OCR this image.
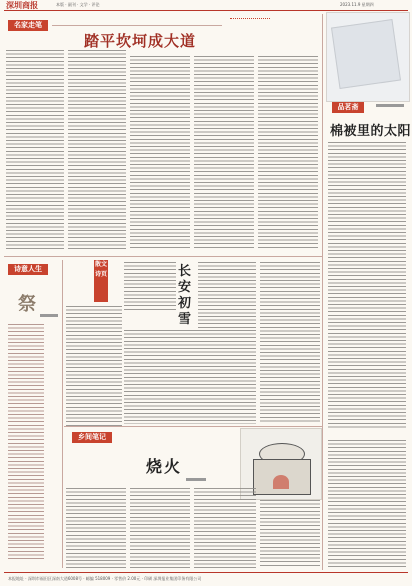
深圳商报	本版 · 副刊 · 文学 · 评论	2023.11.9 星期四
名家走笔
踏平坎坷成大道
品茗斋
棉被里的太阳
诗意人生
祭
散文诗页	长安初雪
乡间笔记
烧火
本报地址 · 深圳市福田区深南大道6008号 · 邮编 518009 · 零售价 2.00元 · 印刷 深圳报业集团印务有限公司
